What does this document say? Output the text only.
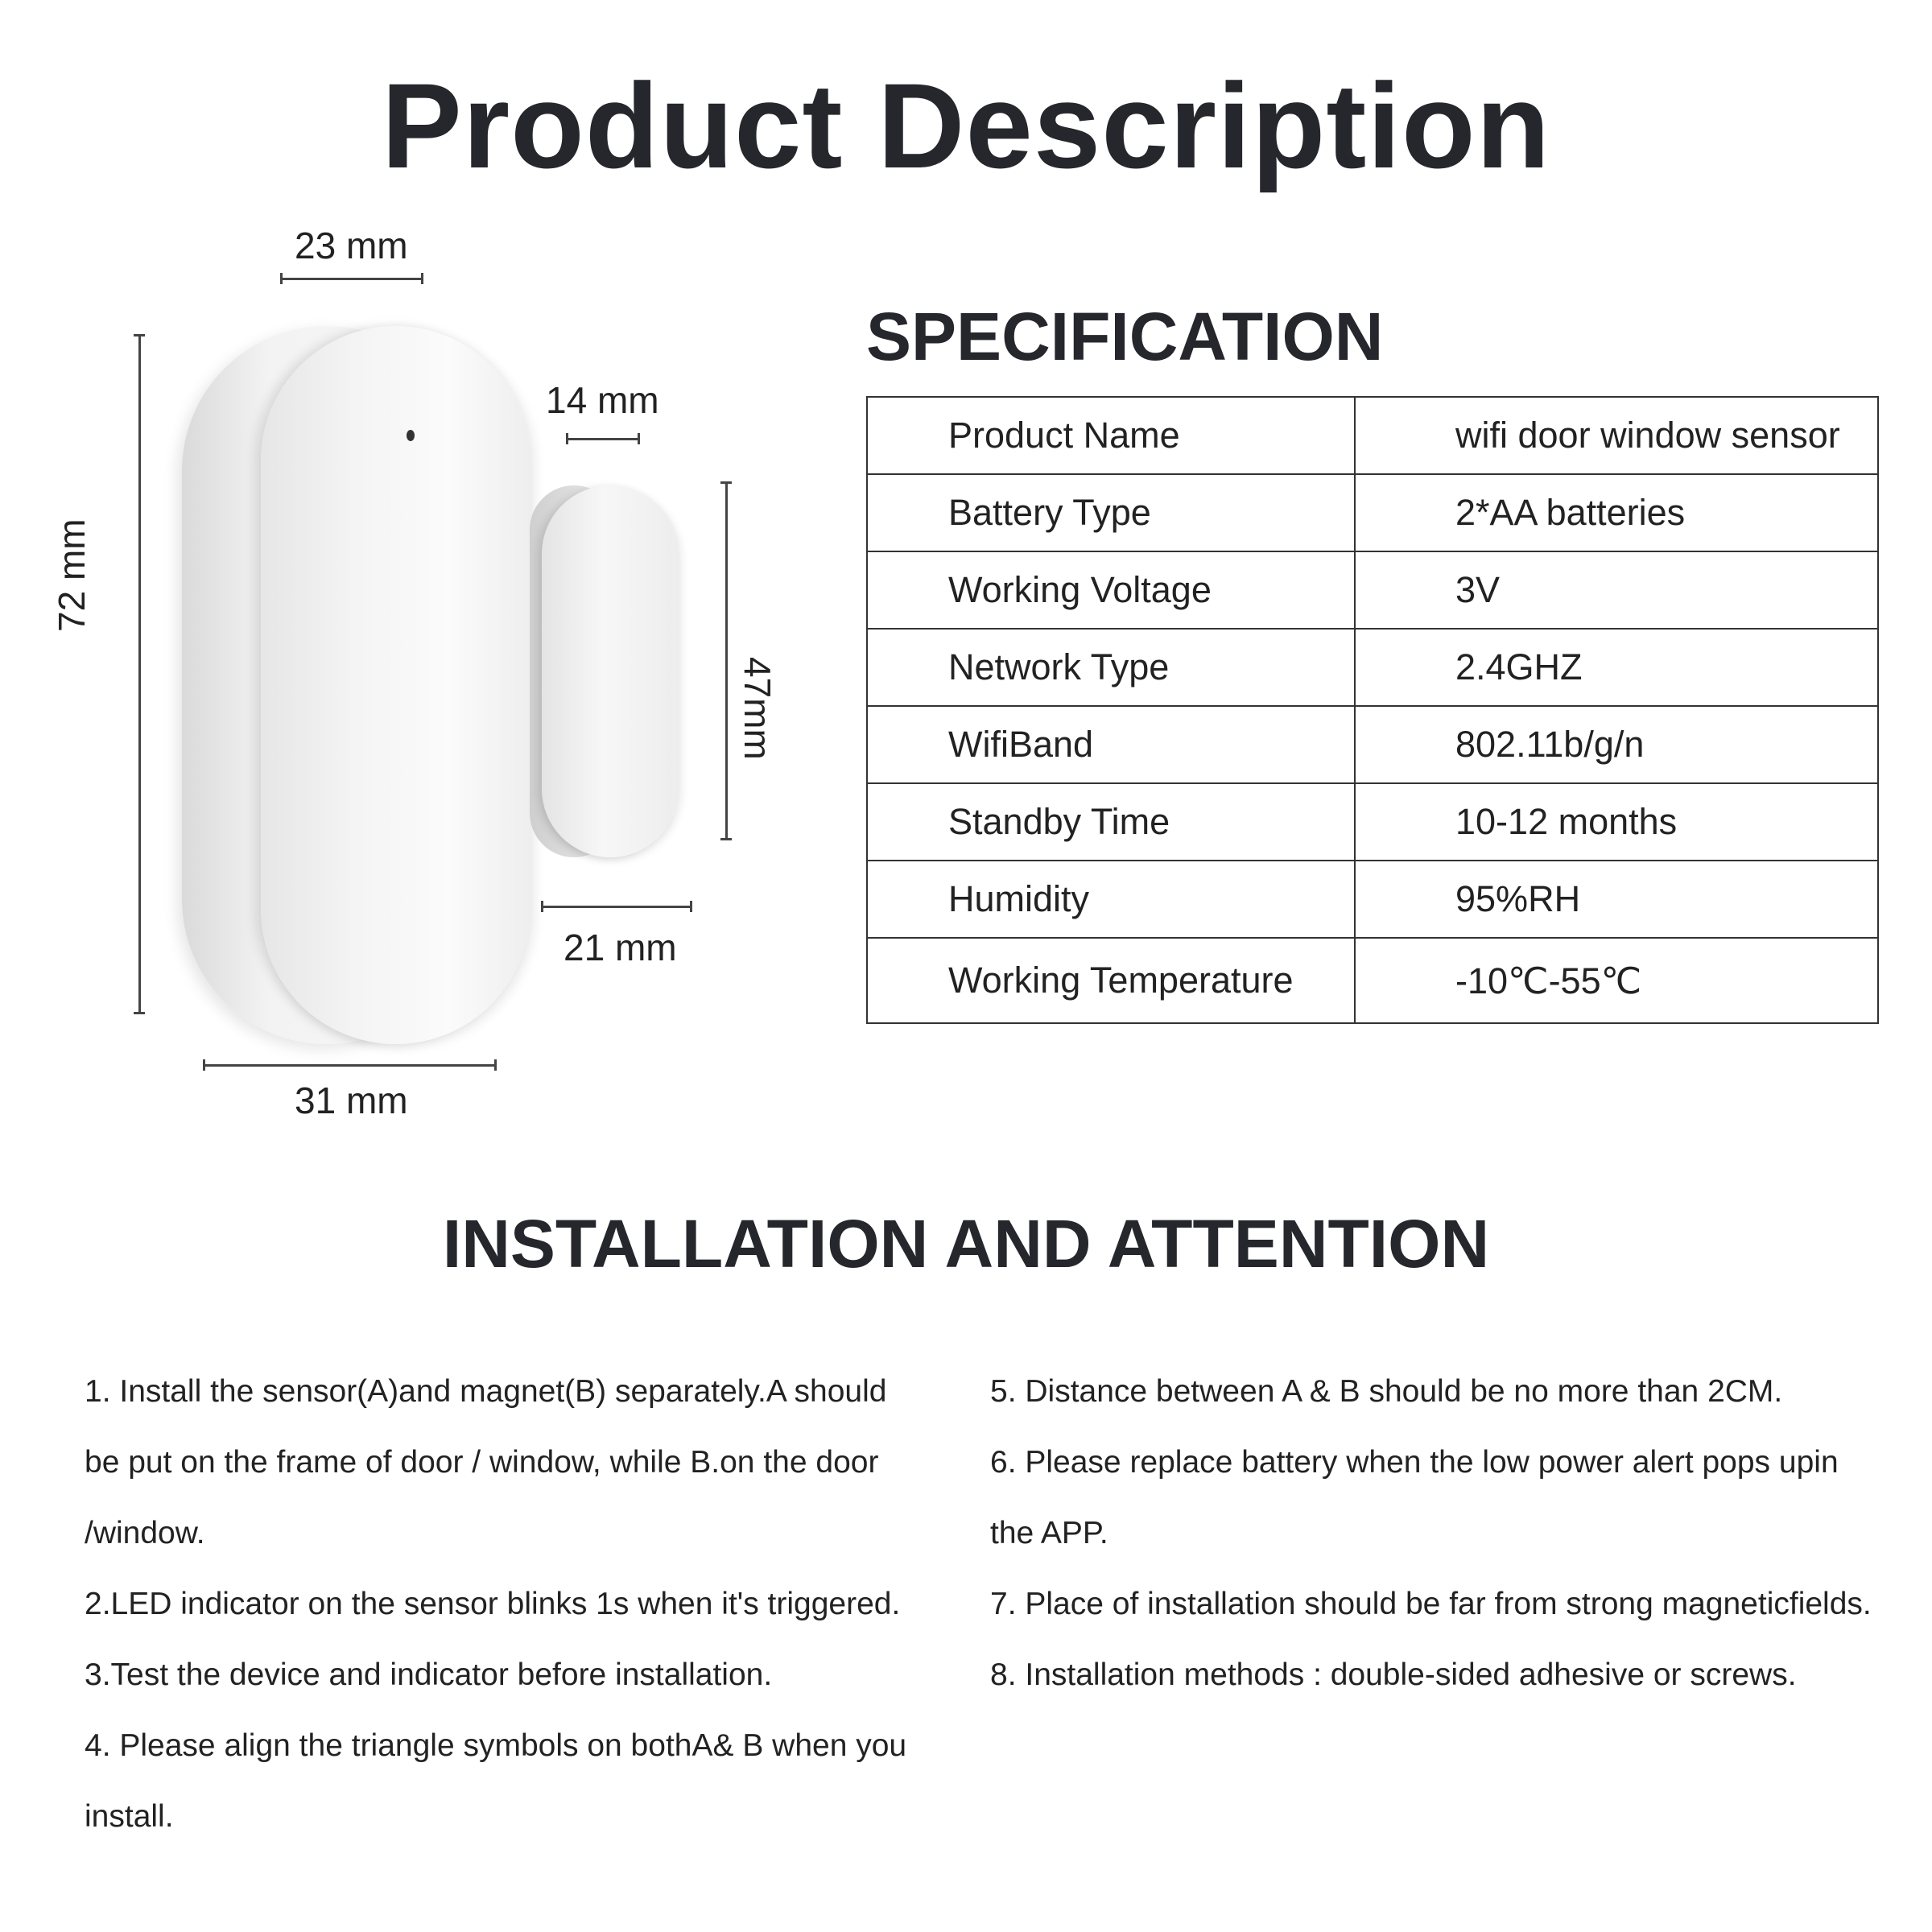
Product Description
23 mm
72 mm
14 mm
47mm
21 mm
31 mm
SPECIFICATION
Product Name	wifi door window sensor
Battery Type	2*AA batteries
Working Voltage	3V
Network Type	2.4GHZ
WifiBand	802.11b/g/n
Standby Time	10-12 months
Humidity	95%RH
Working Temperature	-10℃-55℃
INSTALLATION AND ATTENTION

1. Install the sensor(A)and magnet(B) separately.A should

be put on the frame of door / window, while B.on the door

/window.

2.LED indicator on the sensor blinks 1s when it's triggered.

3.Test the device and indicator before installation.

4. Please align the triangle symbols on bothA& B when you

install.

5. Distance between A & B should be no more than 2CM.

6. Please replace battery when the low power alert pops upin

the APP.

7. Place of installation should be far from strong magneticfields.

8. Installation methods : double-sided adhesive or screws.
